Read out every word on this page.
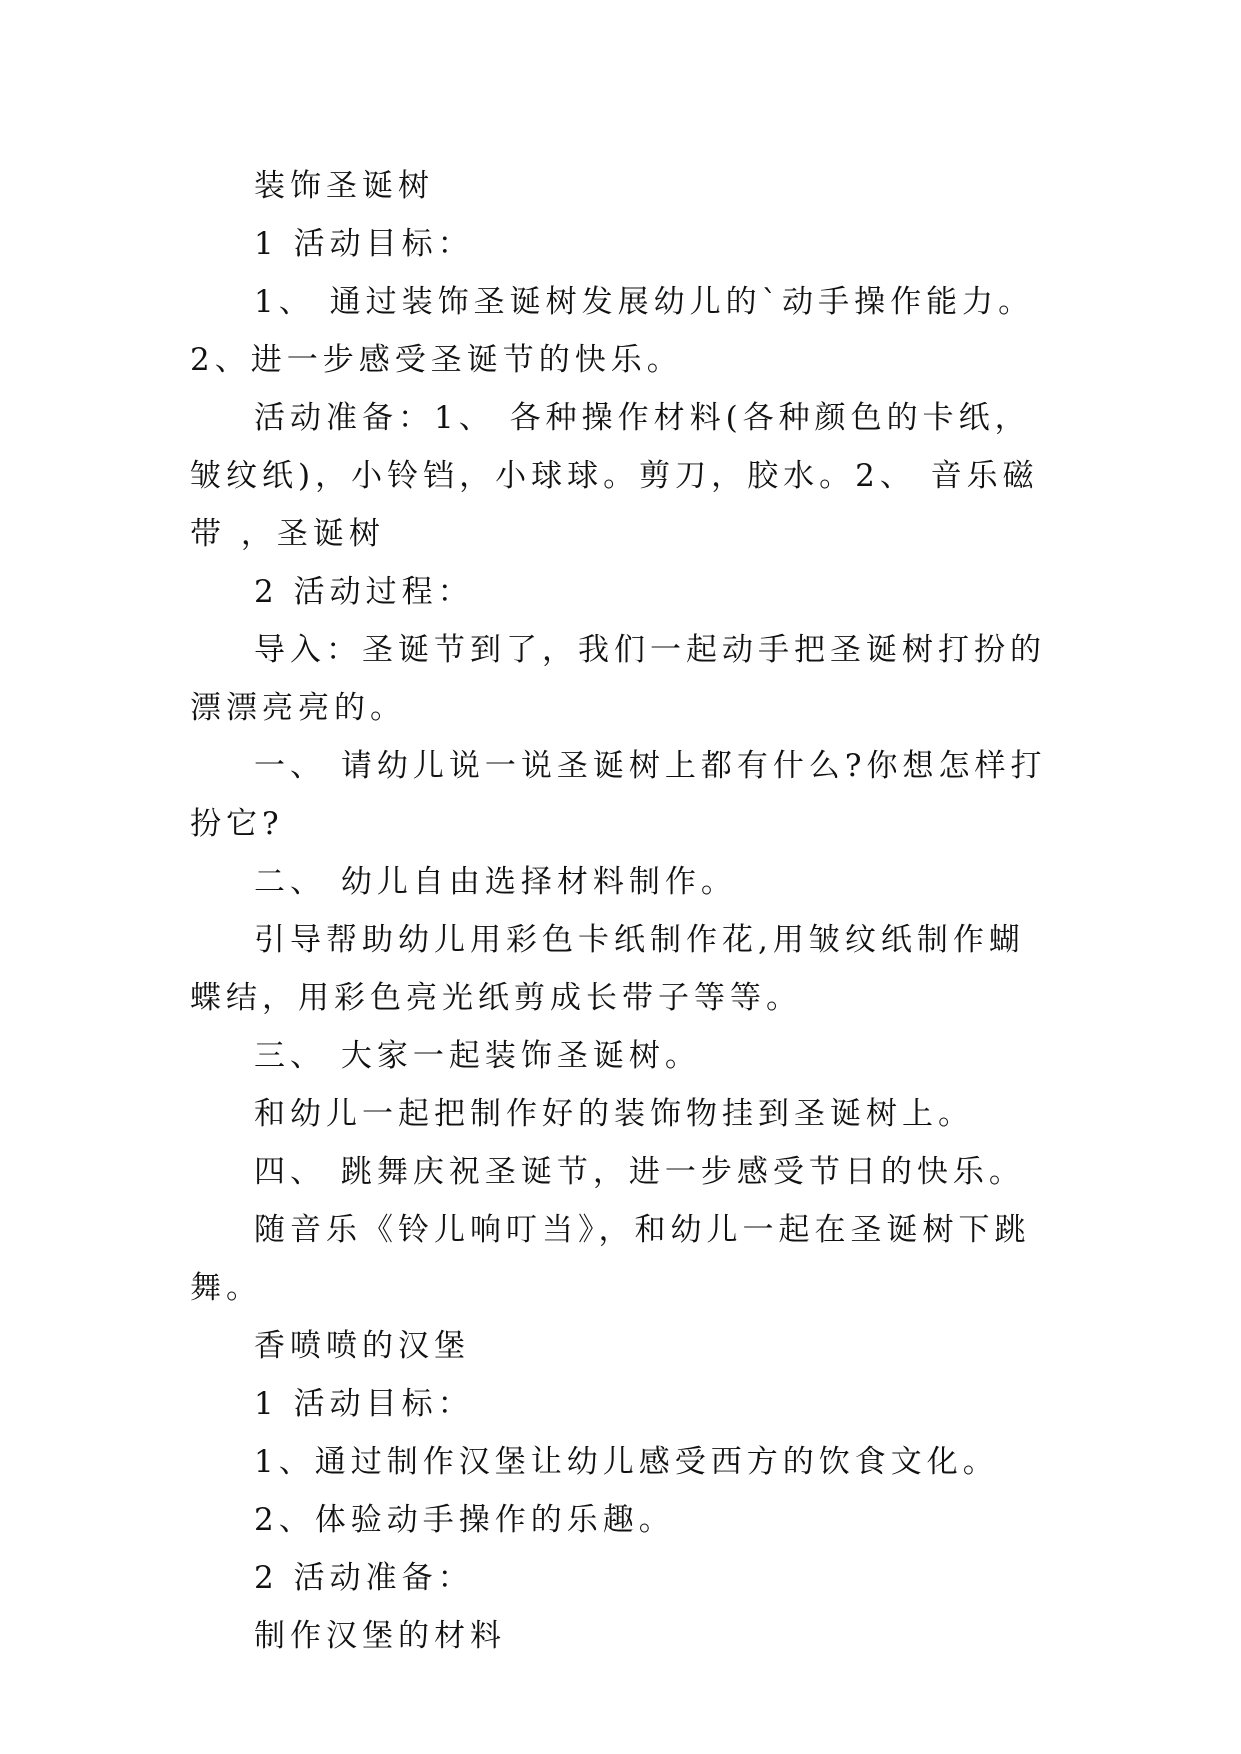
装饰圣诞树

1 活动目标：

1、 通过装饰圣诞树发展幼儿的`动手操作能力。 2、进一步感受圣诞节的快乐。

活动准备：1、 各种操作材料(各种颜色的卡纸，皱纹纸)，小铃铛，小球球。剪刀，胶水。2、 音乐磁带 ，圣诞树

2 活动过程：

导入：圣诞节到了，我们一起动手把圣诞树打扮的漂漂亮亮的。

一、 请幼儿说一说圣诞树上都有什么?你想怎样打扮它?

二、 幼儿自由选择材料制作。

引导帮助幼儿用彩色卡纸制作花,用皱纹纸制作蝴蝶结，用彩色亮光纸剪成长带子等等。

三、 大家一起装饰圣诞树。

和幼儿一起把制作好的装饰物挂到圣诞树上。

四、 跳舞庆祝圣诞节，进一步感受节日的快乐。

随音乐《铃儿响叮当》，和幼儿一起在圣诞树下跳舞。

香喷喷的汉堡

1 活动目标：

1、通过制作汉堡让幼儿感受西方的饮食文化。

2、体验动手操作的乐趣。

2 活动准备：

制作汉堡的材料
